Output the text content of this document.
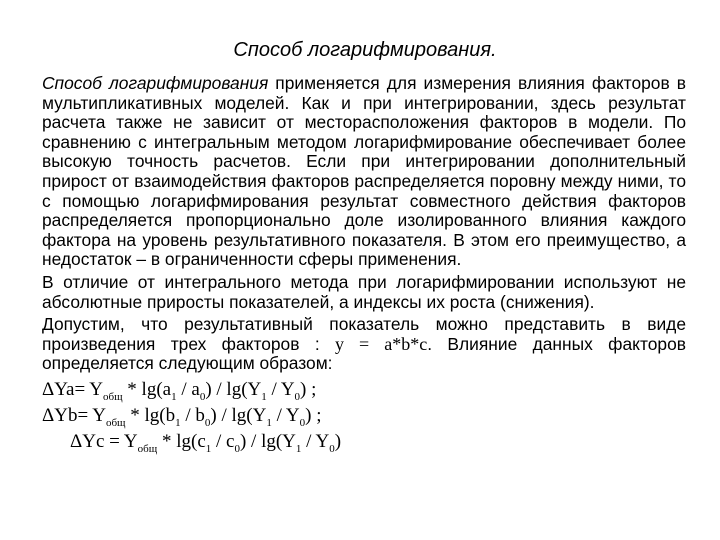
Способ логарифмирования.

Способ логарифмирования применяется для измерения влияния факторов в мультипликативных моделей. Как и при интегрировании, здесь результат расчета также не зависит от месторасположения факторов в модели. По сравнению с интегральным методом логарифмирование обеспечивает более высокую точность расчетов. Если при интегрировании дополнительный прирост от взаимодействия факторов распределяется поровну между ними, то с помощью логарифмирования результат совместного действия факторов распределяется пропорционально доле изолированного влияния каждого фактора на уровень результативного показателя. В этом его преимущество, а недостаток – в ограниченности сферы применения.

В отличие от интегрального метода при логарифмировании используют не абсолютные приросты показателей, а индексы их роста (снижения).

Допустим, что результативный показатель можно представить в виде произведения трех факторов : y = a*b*c. Влияние данных факторов определяется следующим образом:

$\Delta Ya= Y_{общ} * \lg(a_1 / a_0) / \lg(Y_1 / Y_0)$ ;
$\Delta Yb= Y_{общ} * \lg(b_1 / b_0) / \lg(Y_1 / Y_0)$ ;
$\Delta Yc = Y_{общ} * \lg(c_1 / c_0) / \lg(Y_1 / Y_0)$
